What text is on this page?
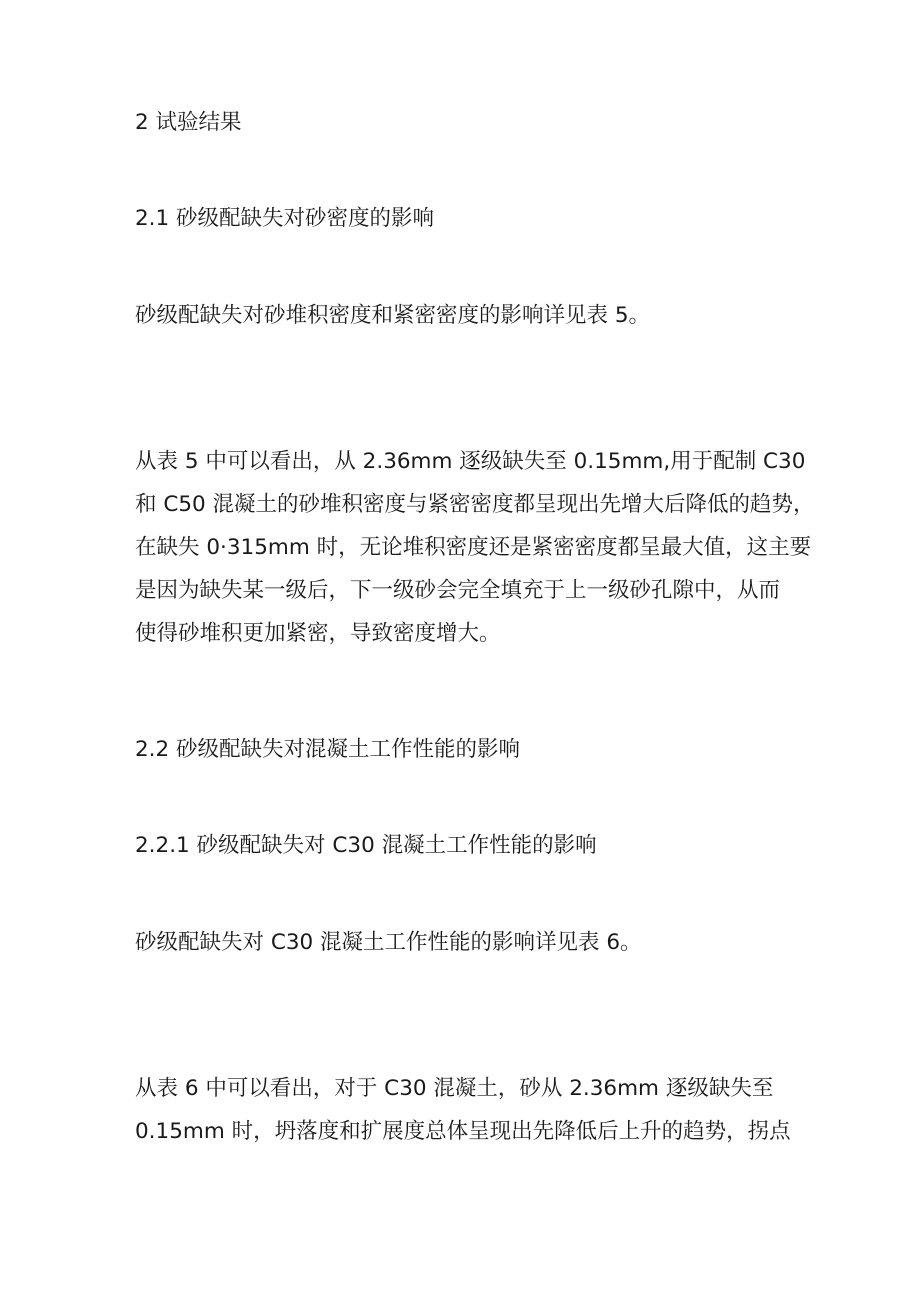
2 试验结果

2.1 砂级配缺失对砂密度的影响

砂级配缺失对砂堆积密度和紧密密度的影响详见表 5。

从表 5 中可以看出，从 2.36mm 逐级缺失至 0.15mm,用于配制 C30
和 C50 混凝土的砂堆积密度与紧密密度都呈现出先增大后降低的趋势，
在缺失 0·315mm 时，无论堆积密度还是紧密密度都呈最大值，这主要
是因为缺失某一级后，下一级砂会完全填充于上一级砂孔隙中，从而
使得砂堆积更加紧密，导致密度增大。

2.2 砂级配缺失对混凝土工作性能的影响

2.2.1 砂级配缺失对 C30 混凝土工作性能的影响

砂级配缺失对 C30 混凝土工作性能的影响详见表 6。

从表 6 中可以看出，对于 C30 混凝土，砂从 2.36mm 逐级缺失至
0.15mm 时，坍落度和扩展度总体呈现出先降低后上升的趋势，拐点
